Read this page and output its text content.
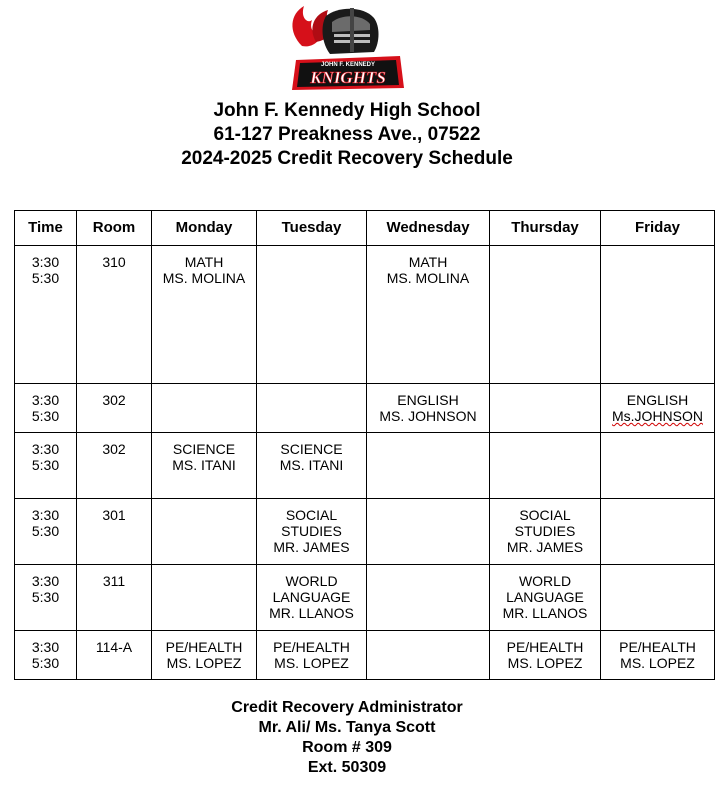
JOHN F. KENNEDY
KNIGHTS
John F. Kennedy High School
61-127 Preakness Ave., 07522
2024-2025 Credit Recovery Schedule
Time	Room	Monday	Tuesday	Wednesday	Thursday	Friday

3:30
5:30	310	MATH
MS. MOLINA		MATH
MS. MOLINA		

3:30
5:30	302			ENGLISH
MS. JOHNSON		ENGLISH
Ms.JOHNSON

3:30
5:30	302	SCIENCE
MS. ITANI	SCIENCE
MS. ITANI			

3:30
5:30	301		SOCIAL
STUDIES
MR. JAMES		SOCIAL
STUDIES
MR. JAMES	

3:30
5:30	311		WORLD
LANGUAGE
MR. LLANOS		WORLD
LANGUAGE
MR. LLANOS	

3:30
5:30	114-A	PE/HEALTH
MS. LOPEZ	PE/HEALTH
MS. LOPEZ		PE/HEALTH
MS. LOPEZ	PE/HEALTH
MS. LOPEZ
Credit Recovery Administrator
Mr. Ali/ Ms. Tanya Scott
Room # 309
Ext. 50309
